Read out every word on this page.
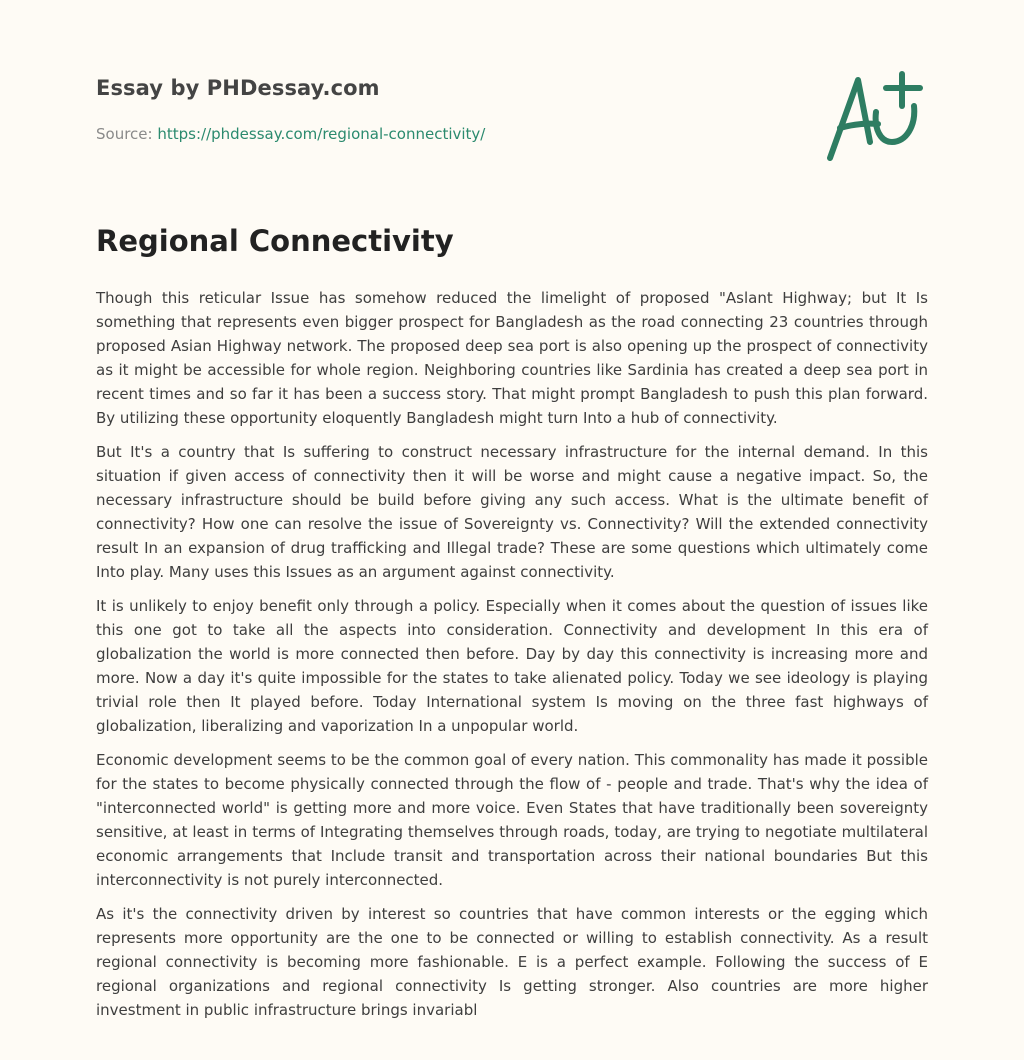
Essay by PHDessay.com
Source: https://phdessay.com/regional-connectivity/
Regional Connectivity

Though this reticular Issue has somehow reduced the limelight of proposed "Aslant Highway; but It Is something that represents even bigger prospect for Bangladesh as the road connecting 23 countries through proposed Asian Highway network. The proposed deep sea port is also opening up the prospect of connectivity as it might be accessible for whole region. Neighboring countries like Sardinia has created a deep sea port in recent times and so far it has been a success story. That might prompt Bangladesh to push this plan forward. By utilizing these opportunity eloquently Bangladesh might turn Into a hub of connectivity.

But It's a country that Is suffering to construct necessary infrastructure for the internal demand. In this situation if given access of connectivity then it will be worse and might cause a negative impact. So, the necessary infrastructure should be build before giving any such access. What is the ultimate benefit of connectivity? How one can resolve the issue of Sovereignty vs. Connectivity? Will the extended connectivity result In an expansion of drug trafficking and Illegal trade? These are some questions which ultimately come Into play. Many uses this Issues as an argument against connectivity.

It is unlikely to enjoy benefit only through a policy. Especially when it comes about the question of issues like this one got to take all the aspects into consideration. Connectivity and development In this era of globalization the world is more connected then before. Day by day this connectivity is increasing more and more. Now a day it's quite impossible for the states to take alienated policy. Today we see ideology is playing trivial role then It played before. Today International system Is moving on the three fast highways of globalization, liberalizing and vaporization In a unpopular world.

Economic development seems to be the common goal of every nation. This commonality has made it possible for the states to become physically connected through the flow of - people and trade. That's why the idea of "interconnected world" is getting more and more voice. Even States that have traditionally been sovereignty sensitive, at least in terms of Integrating themselves through roads, today, are trying to negotiate multilateral economic arrangements that Include transit and transportation across their national boundaries But this interconnectivity is not purely interconnected.

As it's the connectivity driven by interest so countries that have common interests or the egging which represents more opportunity are the one to be connected or willing to establish connectivity. As a result regional connectivity is becoming more fashionable. E is a perfect example. Following the success of E regional organizations and regional connectivity Is getting stronger. Also countries are more higher investment in public infrastructure brings invariabl
